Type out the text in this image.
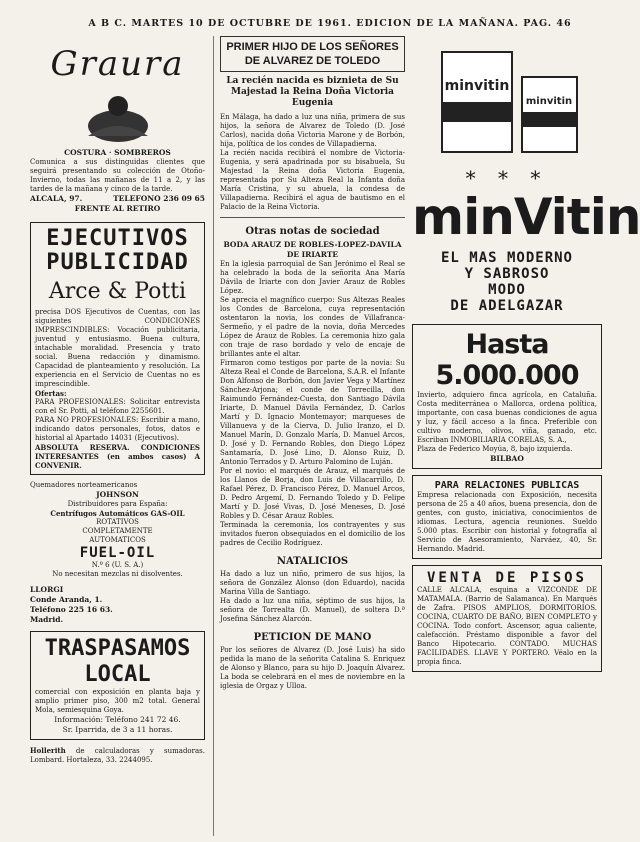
A B C. MARTES 10 DE OCTUBRE DE 1961. EDICION DE LA MAÑANA. PAG. 46
Graura
COSTURA · SOMBREROS
Comunica a sus distinguidas clientes que seguirá presentando su colección de Otoño-Invierno, todas las mañanas de 11 a 2, y las tardes de la mañana y cinco de la tarde.
ALCALA, 97.	TELEFONO 236 09 65
FRENTE AL RETIRO
EJECUTIVOS
PUBLICIDAD
Arce & Potti
precisa DOS Ejecutivos de Cuentas, con las siguientes CONDICIONES IMPRESCINDIBLES: Vocación publicitaria, juventud y entusiasmo. Buena cultura, intachable moralidad. Presencia y trato social. Buena redacción y dinamismo. Capacidad de planteamiento y resolución. La experiencia en el Servicio de Cuentas no es imprescindible.
Ofertas:
PARA PROFESIONALES: Solicitar entrevista con el Sr. Potti, al teléfono 2255601.
PARA NO PROFESIONALES: Escribir a mano, indicando datos personales, fotos, datos e historial al Apartado 14031 (Ejecutivos).
ABSOLUTA RESERVA. CONDICIONES INTERESANTES (en ambos casos) A CONVENIR.
Quemadores norteamericanos
JOHNSON
Distribuidores para España:
Centrífugos Automáticos GAS-OIL
ROTATIVOS
COMPLETAMENTE
AUTOMATICOS
FUEL-OIL
N.º 6 (U. S. A.)
No necesitan mezclas ni disolventes.
LLORGI
Conde Aranda, 1.
Teléfono 225 16 63.
Madrid.
TRASPASAMOS
LOCAL
comercial con exposición en planta baja y amplio primer piso, 300 m2 total. General Mola, semiesquina Goya.
Información: Teléfono 241 72 46.
Sr. Iparrida, de 3 a 11 horas.
Hollerith de calculadoras y sumadoras. Lombard. Hortaleza, 33. 2244095.
PRIMER HIJO DE LOS SEÑORES DE ALVAREZ DE TOLEDO
La recién nacida es biznieta de Su Majestad la Reina Doña Victoria Eugenia
En Málaga, ha dado a luz una niña, primera de sus hijos, la señora de Alvarez de Toledo (D. José Carlos), nacida doña Victoria Marone y de Borbón, hija, política de los condes de Villapadierna.
La recién nacida recibirá el nombre de Victoria-Eugenia, y será apadrinada por su bisabuela, Su Majestad la Reina doña Victoria Eugenia, representada por Su Alteza Real la Infanta doña María Cristina, y su abuela, la condesa de Villapadierna. Recibirá el agua de bautismo en el Palacio de la Reina Victoria.
Otras notas de sociedad
BODA ARAUZ DE ROBLES-LOPEZ-DAVILA DE IRIARTE
En la iglesia parroquial de San Jerónimo el Real se ha celebrado la boda de la señorita Ana María Dávila de Iriarte con don Javier Arauz de Robles López.
Se aprecia el magnífico cuerpo: Sus Altezas Reales los Condes de Barcelona, cuya representación ostentaron la novia, los condes de Villafranca-Sermeño, y el padre de la novia, doña Mercedes López de Arauz de Robles. La ceremonia hizo gala con traje de raso bordado y velo de encaje de brillantes ante el altar.
Firmaron como testigos por parte de la novia: Su Alteza Real el Conde de Barcelona, S.A.R. el Infante Don Alfonso de Borbón, don Javier Vega y Martínez Sánchez-Arjona; el conde de Torrecilla, don Raimundo Fernández-Cuesta, don Santiago Dávila Iriarte, D. Manuel Dávila Fernández, D. Carlos Martí y D. Ignacio Montemayor; marqueses de Villanueva y de la Cierva, D. Julio Iranzo, el D. Manuel Marín, D. Gonzalo María, D. Manuel Arcos, D. José y D. Fernando Robles, don Diego López Santamaría, D. José Lino, D. Alonso Ruiz, D. Antonio Terrados y D. Arturo Palomino de Luján.
Por el novio: el marqués de Arauz, el marqués de los Llanos de Borja, don Luis de Villacarrillo, D. Rafael Pérez, D. Francisco Pérez, D. Manuel Arcos, D. Pedro Argemí, D. Fernando Toledo y D. Felipe Martí y D. José Vivas, D. José Meneses, D. José Robles y D. César Arauz Robles.
Terminada la ceremonia, los contrayentes y sus invitados fueron obsequiados en el domicilio de los padres de Cecilio Rodríguez.
NATALICIOS
Ha dado a luz un niño, primero de sus hijos, la señora de González Alonso (don Eduardo), nacida Marina Villa de Santiago.
Ha dado a luz una niña, séptimo de sus hijos, la señora de Torrealta (D. Manuel), de soltera D.ª Josefina Sánchez Alarcón.
PETICION DE MANO
Por los señores de Alvarez (D. José Luis) ha sido pedida la mano de la señorita Catalina S. Enriquez de Alonso y Blanco, para su hijo D. Joaquín Alvarez. La boda se celebrará en el mes de noviembre en la iglesia de Orgaz y Ulloa.
minvitin
minvitin
* * *
minVitin
EL MAS MODERNO
Y SABROSO
MODO
DE ADELGAZAR
Hasta 5.000.000
Invierto, adquiero finca agrícola, en Cataluña. Costa mediterránea o Mallorca, ordena política, importante, con casa buenas condiciones de agua y luz, y fácil acceso a la finca. Preferible con cultivo moderno, olivos, viña, ganado, etc. Escriban INMOBILIARIA CORELAS, S. A.,
Plaza de Federico Moyúa, 8, bajo izquierda.
BILBAO
PARA RELACIONES PUBLICAS
Empresa relacionada con Exposición, necesita persona de 25 a 40 años, buena presencia, don de gentes, con gusto, iniciativa, conocimientos de idiomas. Lectura, agencia reuniones. Sueldo 5.000 ptas. Escribir con historial y fotografía al Servicio de Asesoramiento, Narváez, 40, Sr. Hernando. Madrid.
VENTA DE PISOS
CALLE ALCALA, esquina a VIZCONDE DE MATAMALA. (Barrio de Salamanca). En Marqués de Zafra. PISOS AMPLIOS, DORMITORIOS. COCINA, CUARTO DE BAÑO, BIEN COMPLETO y COCINA. Todo confort. Ascensor, agua caliente, calefacción. Préstamo disponible a favor del Banco Hipotecario. CONTADO. MUCHAS FACILIDADES. LLAVE Y PORTERO. Véalo en la propia finca.
